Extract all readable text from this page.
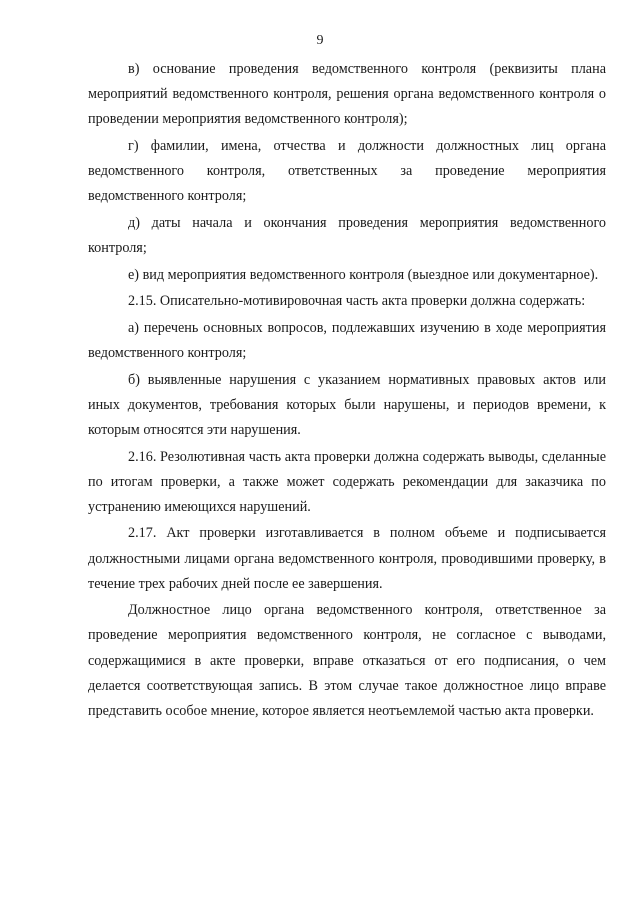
9

в) основание проведения ведомственного контроля (реквизиты плана мероприятий ведомственного контроля, решения органа ведомственного контроля о проведении мероприятия ведомственного контроля);

г) фамилии, имена, отчества и должности должностных лиц органа ведомственного контроля, ответственных за проведение мероприятия ведомственного контроля;

д) даты начала и окончания проведения мероприятия ведомственного контроля;

е) вид мероприятия ведомственного контроля (выездное или документарное).

2.15. Описательно-мотивировочная часть акта проверки должна содержать:

а) перечень основных вопросов, подлежавших изучению в ходе мероприятия ведомственного контроля;

б) выявленные нарушения с указанием нормативных правовых актов или иных документов, требования которых были нарушены, и периодов времени, к которым относятся эти нарушения.

2.16. Резолютивная часть акта проверки должна содержать выводы, сделанные по итогам проверки, а также может содержать рекомендации для заказчика по устранению имеющихся нарушений.

2.17. Акт проверки изготавливается в полном объеме и подписывается должностными лицами органа ведомственного контроля, проводившими проверку, в течение трех рабочих дней после ее завершения.

Должностное лицо органа ведомственного контроля, ответственное за проведение мероприятия ведомственного контроля, не согласное с выводами, содержащимися в акте проверки, вправе отказаться от его подписания, о чем делается соответствующая запись. В этом случае такое должностное лицо вправе представить особое мнение, которое является неотъемлемой частью акта проверки.
